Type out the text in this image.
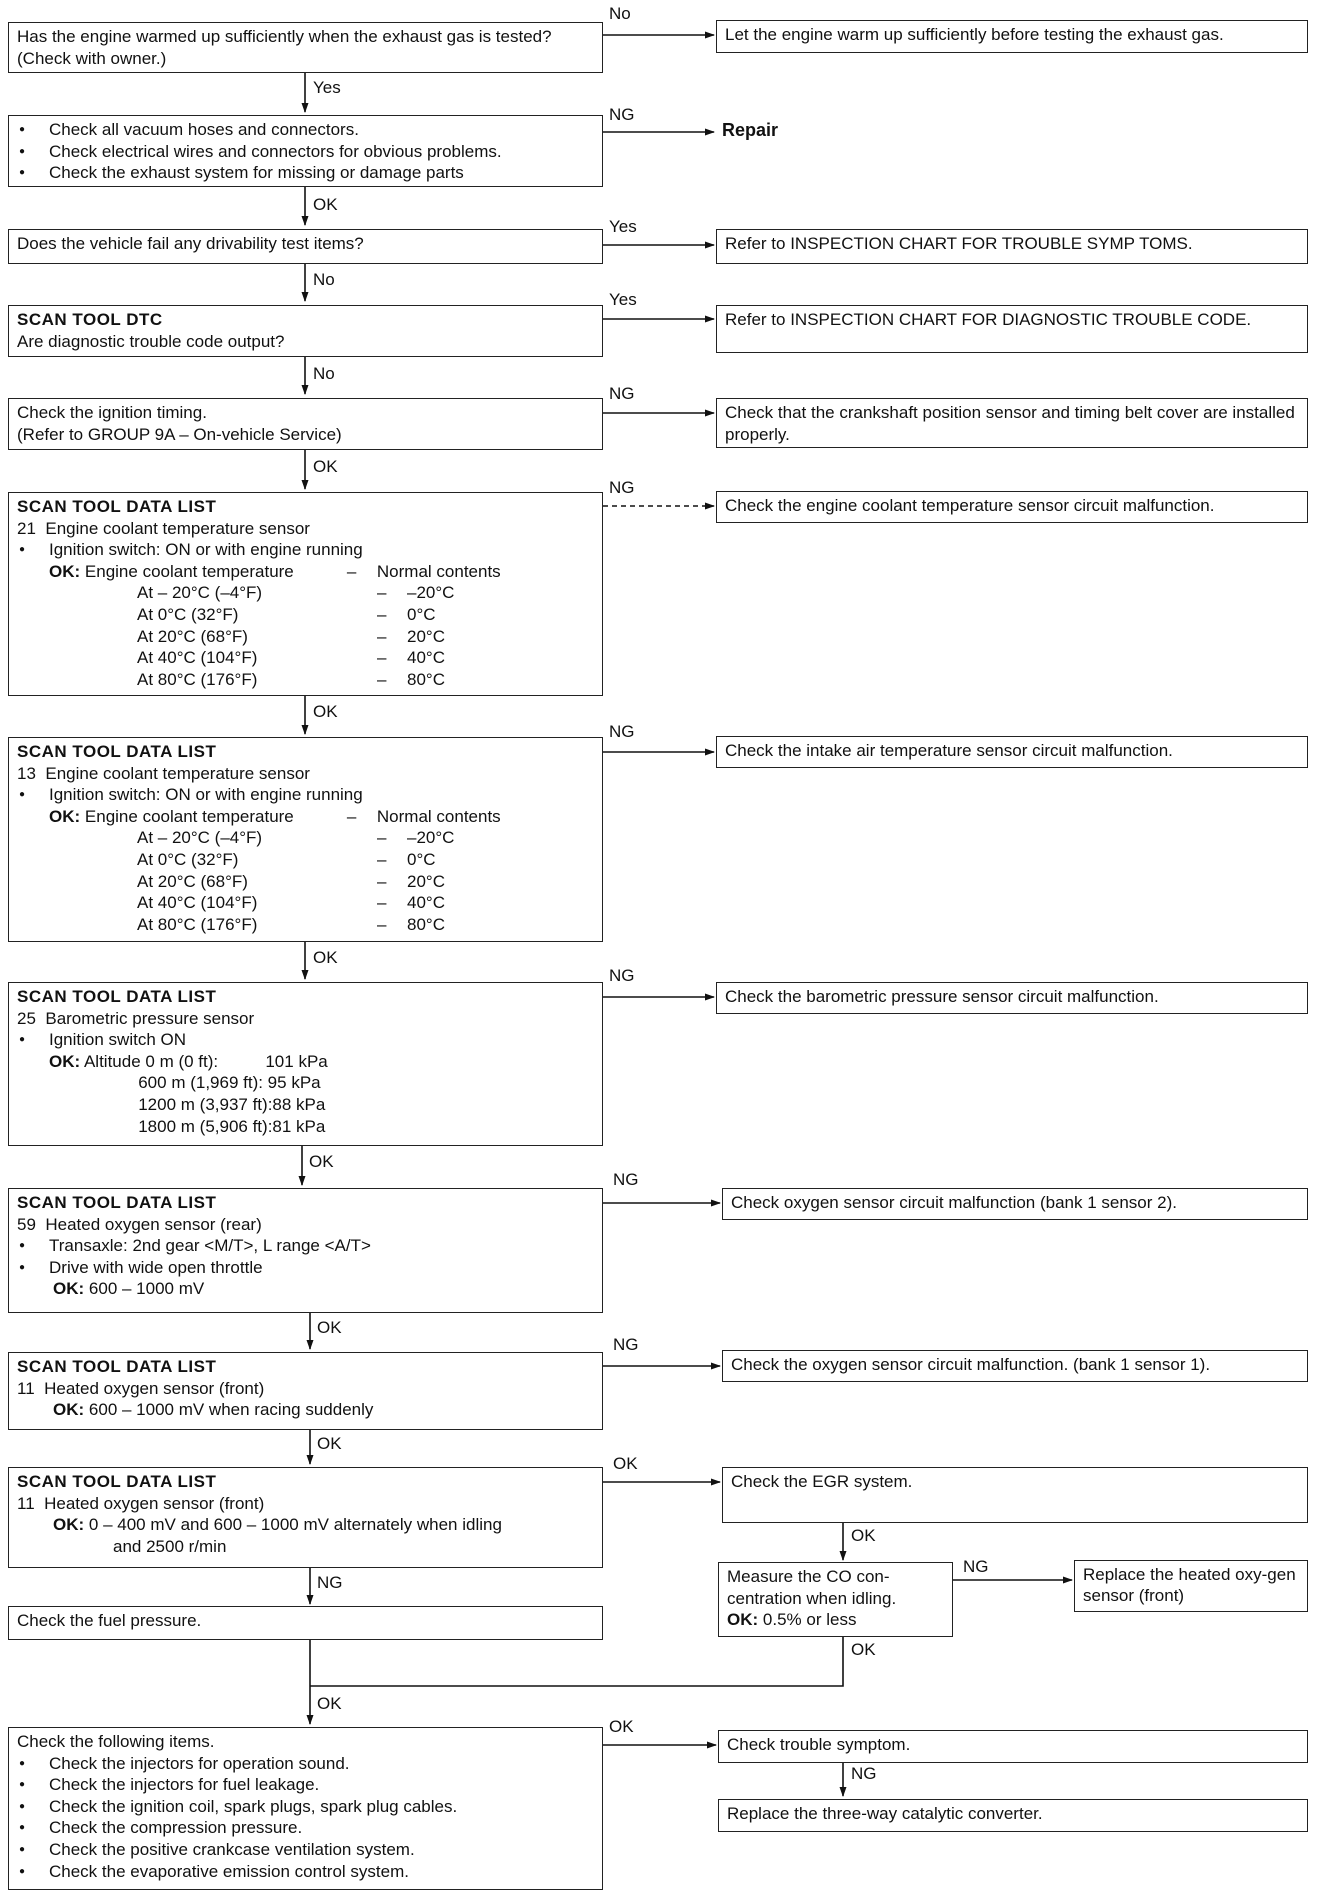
Has the engine warmed up sufficiently when the exhaust gas is tested? (Check with owner.)
No
Let the engine warm up sufficiently before testing the exhaust gas.
Yes
● Check all vacuum hoses and connectors.
● Check electrical wires and connectors for obvious problems.
● Check the exhaust system for missing or damage parts
NG
Repair
OK
Does the vehicle fail any drivability test items?
Yes
Refer to INSPECTION CHART FOR TROUBLE SYMP TOMS.
No
SCAN TOOL DTC
Are diagnostic trouble code output?
Yes
Refer to INSPECTION CHART FOR DIAGNOSTIC TROUBLE CODE.
No
Check the ignition timing.
(Refer to GROUP 9A – On-vehicle Service)
NG
Check that the crankshaft position sensor and timing belt cover are installed properly.
OK
SCAN TOOL DATA LIST
21  Engine coolant temperature sensor
● Ignition switch: ON or with engine running
OK: Engine coolant temperature	– Normal contents
At – 20°C (–4°F)	– –20°C
At 0°C (32°F)	– 0°C
At 20°C (68°F)	– 20°C
At 40°C (104°F)	– 40°C
At 80°C (176°F)	– 80°C
NG
Check the engine coolant temperature sensor circuit malfunction.
OK
SCAN TOOL DATA LIST
13  Engine coolant temperature sensor
● Ignition switch: ON or with engine running
OK: Engine coolant temperature	– Normal contents
At – 20°C (–4°F)	– –20°C
At 0°C (32°F)	– 0°C
At 20°C (68°F)	– 20°C
At 40°C (104°F)	– 40°C
At 80°C (176°F)	– 80°C
NG
Check the intake air temperature sensor circuit malfunction.
OK
SCAN TOOL DATA LIST
25  Barometric pressure sensor
● Ignition switch ON
OK: Altitude 0 m (0 ft):          101 kPa
600 m (1,969 ft): 95 kPa
1200 m (3,937 ft):88 kPa
1800 m (5,906 ft):81 kPa
NG
Check the barometric pressure sensor circuit malfunction.
OK
SCAN TOOL DATA LIST
59  Heated oxygen sensor (rear)
● Transaxle: 2nd gear <M/T>, L range <A/T>
● Drive with wide open throttle
OK: 600 – 1000 mV
NG
Check oxygen sensor circuit malfunction (bank 1 sensor 2).
OK
SCAN TOOL DATA LIST
11  Heated oxygen sensor (front)
OK: 600 – 1000 mV when racing suddenly
NG
Check the oxygen sensor circuit malfunction. (bank 1 sensor 1).
OK
SCAN TOOL DATA LIST
11  Heated oxygen sensor (front)
OK: 0 – 400 mV and 600 – 1000 mV alternately when idling
and 2500 r/min
OK
Check the EGR system.
OK
NG	Measure the CO con-
centration when idling.
OK: 0.5% or less
NG	Replace the heated oxy-gen sensor (front)
OK
Check the fuel pressure.
OK
Check the following items.
● Check the injectors for operation sound.
● Check the injectors for fuel leakage.
● Check the ignition coil, spark plugs, spark plug cables.
● Check the compression pressure.
● Check the positive crankcase ventilation system.
● Check the evaporative emission control system.
OK
Check trouble symptom.
NG
Replace the three-way catalytic converter.
